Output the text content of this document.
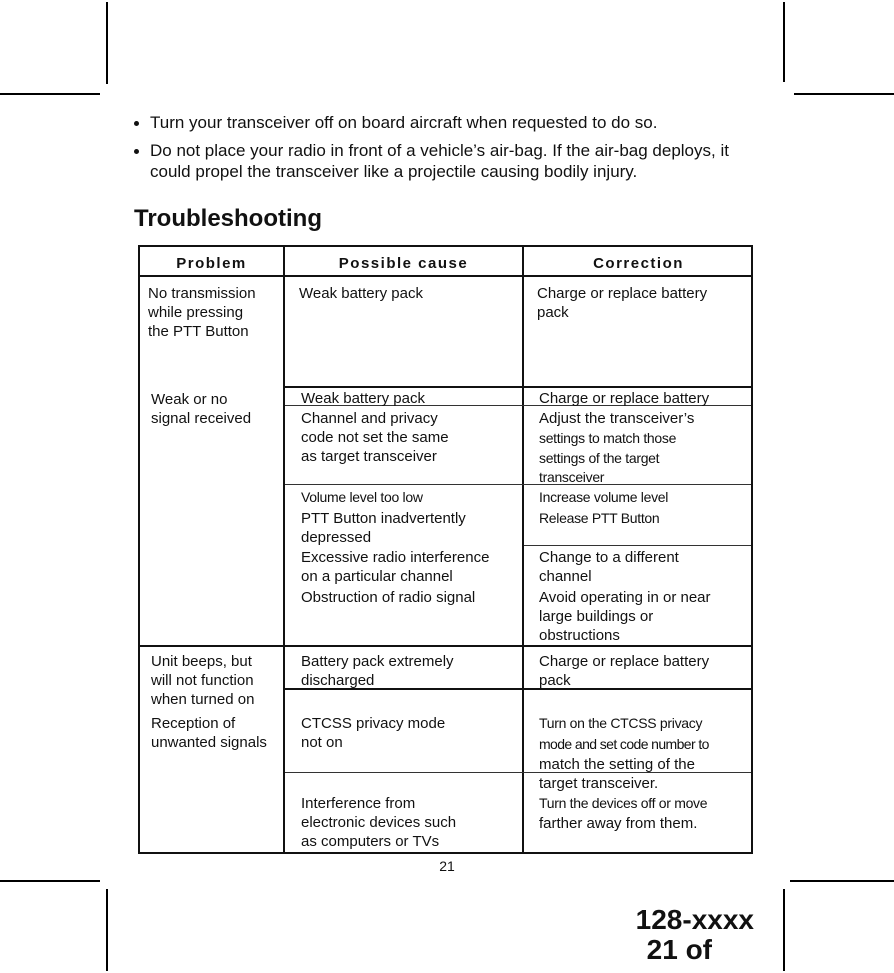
Turn your transceiver off on board aircraft when requested to do so.
Do not place your radio in front of a vehicle’s air-bag. If the air-bag deploys, it could propel the transceiver like a projectile causing bodily injury.
Troubleshooting
Problem	Possible cause	Correction
No transmission
while pressing
the PTT Button
Weak or no
signal received
Unit beeps, but
will not function
when turned on
Reception of
unwanted signals
Weak battery pack
Weak battery pack
Channel and privacy
code not set the same
as target transceiver
Volume level too low
PTT Button inadvertently
depressed
Excessive radio interference
on a particular channel
Obstruction of radio signal
Battery pack extremely
discharged
CTCSS privacy mode
not on
Interference from
electronic devices such
as computers or TVs
Charge or replace battery
pack
Charge or replace battery
Adjust the transceiver’s
settings to match those
settings of the target
transceiver
Increase volume level
Release PTT Button
Change to a different
channel
Avoid operating in or near
large buildings or
obstructions
Charge or replace battery
pack
Turn on the CTCSS privacy
mode and set code number to
match the setting of the
target transceiver.
Turn the devices off or move
farther away from them.
21
128-xxxx

21 of
